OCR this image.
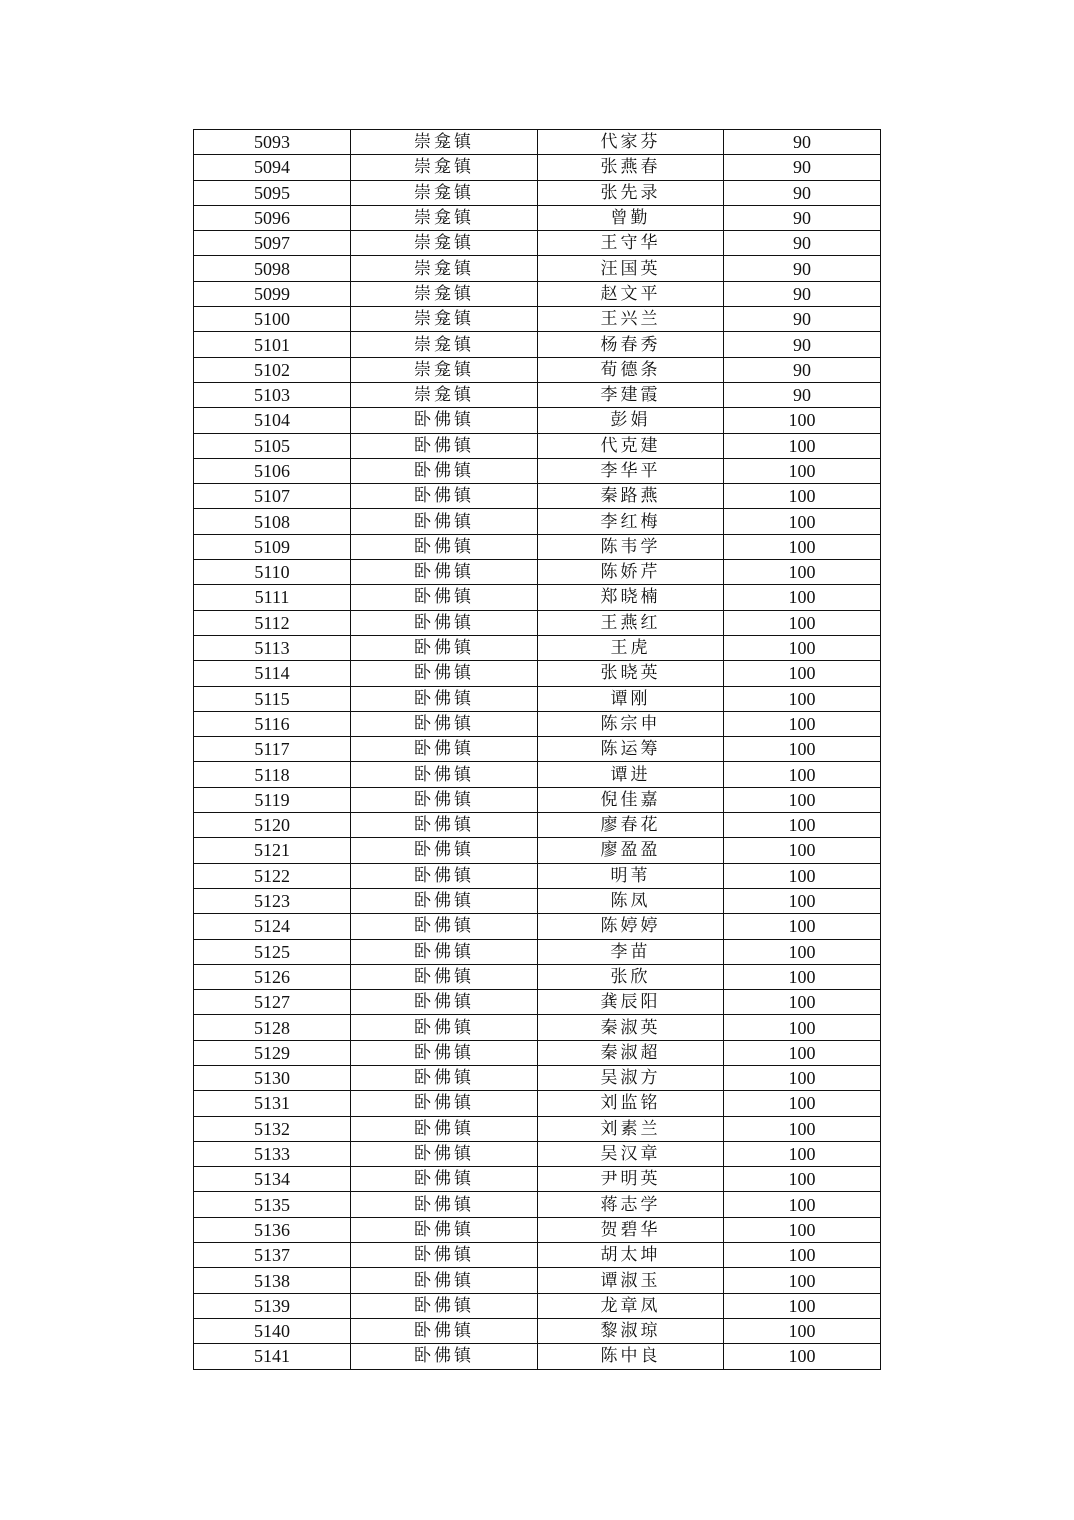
5093	崇龛镇	代家芬	90
5094	崇龛镇	张燕春	90
5095	崇龛镇	张先录	90
5096	崇龛镇	曾勤	90
5097	崇龛镇	王守华	90
5098	崇龛镇	汪国英	90
5099	崇龛镇	赵文平	90
5100	崇龛镇	王兴兰	90
5101	崇龛镇	杨春秀	90
5102	崇龛镇	荀德条	90
5103	崇龛镇	李建霞	90
5104	卧佛镇	彭娟	100
5105	卧佛镇	代克建	100
5106	卧佛镇	李华平	100
5107	卧佛镇	秦路燕	100
5108	卧佛镇	李红梅	100
5109	卧佛镇	陈韦学	100
5110	卧佛镇	陈娇芹	100
5111	卧佛镇	郑晓楠	100
5112	卧佛镇	王燕红	100
5113	卧佛镇	王虎	100
5114	卧佛镇	张晓英	100
5115	卧佛镇	谭刚	100
5116	卧佛镇	陈宗申	100
5117	卧佛镇	陈运筹	100
5118	卧佛镇	谭进	100
5119	卧佛镇	倪佳嘉	100
5120	卧佛镇	廖春花	100
5121	卧佛镇	廖盈盈	100
5122	卧佛镇	明苇	100
5123	卧佛镇	陈凤	100
5124	卧佛镇	陈婷婷	100
5125	卧佛镇	李苗	100
5126	卧佛镇	张欣	100
5127	卧佛镇	龚辰阳	100
5128	卧佛镇	秦淑英	100
5129	卧佛镇	秦淑超	100
5130	卧佛镇	吴淑方	100
5131	卧佛镇	刘监铭	100
5132	卧佛镇	刘素兰	100
5133	卧佛镇	吴汉章	100
5134	卧佛镇	尹明英	100
5135	卧佛镇	蒋志学	100
5136	卧佛镇	贺碧华	100
5137	卧佛镇	胡太坤	100
5138	卧佛镇	谭淑玉	100
5139	卧佛镇	龙章凤	100
5140	卧佛镇	黎淑琼	100
5141	卧佛镇	陈中良	100
